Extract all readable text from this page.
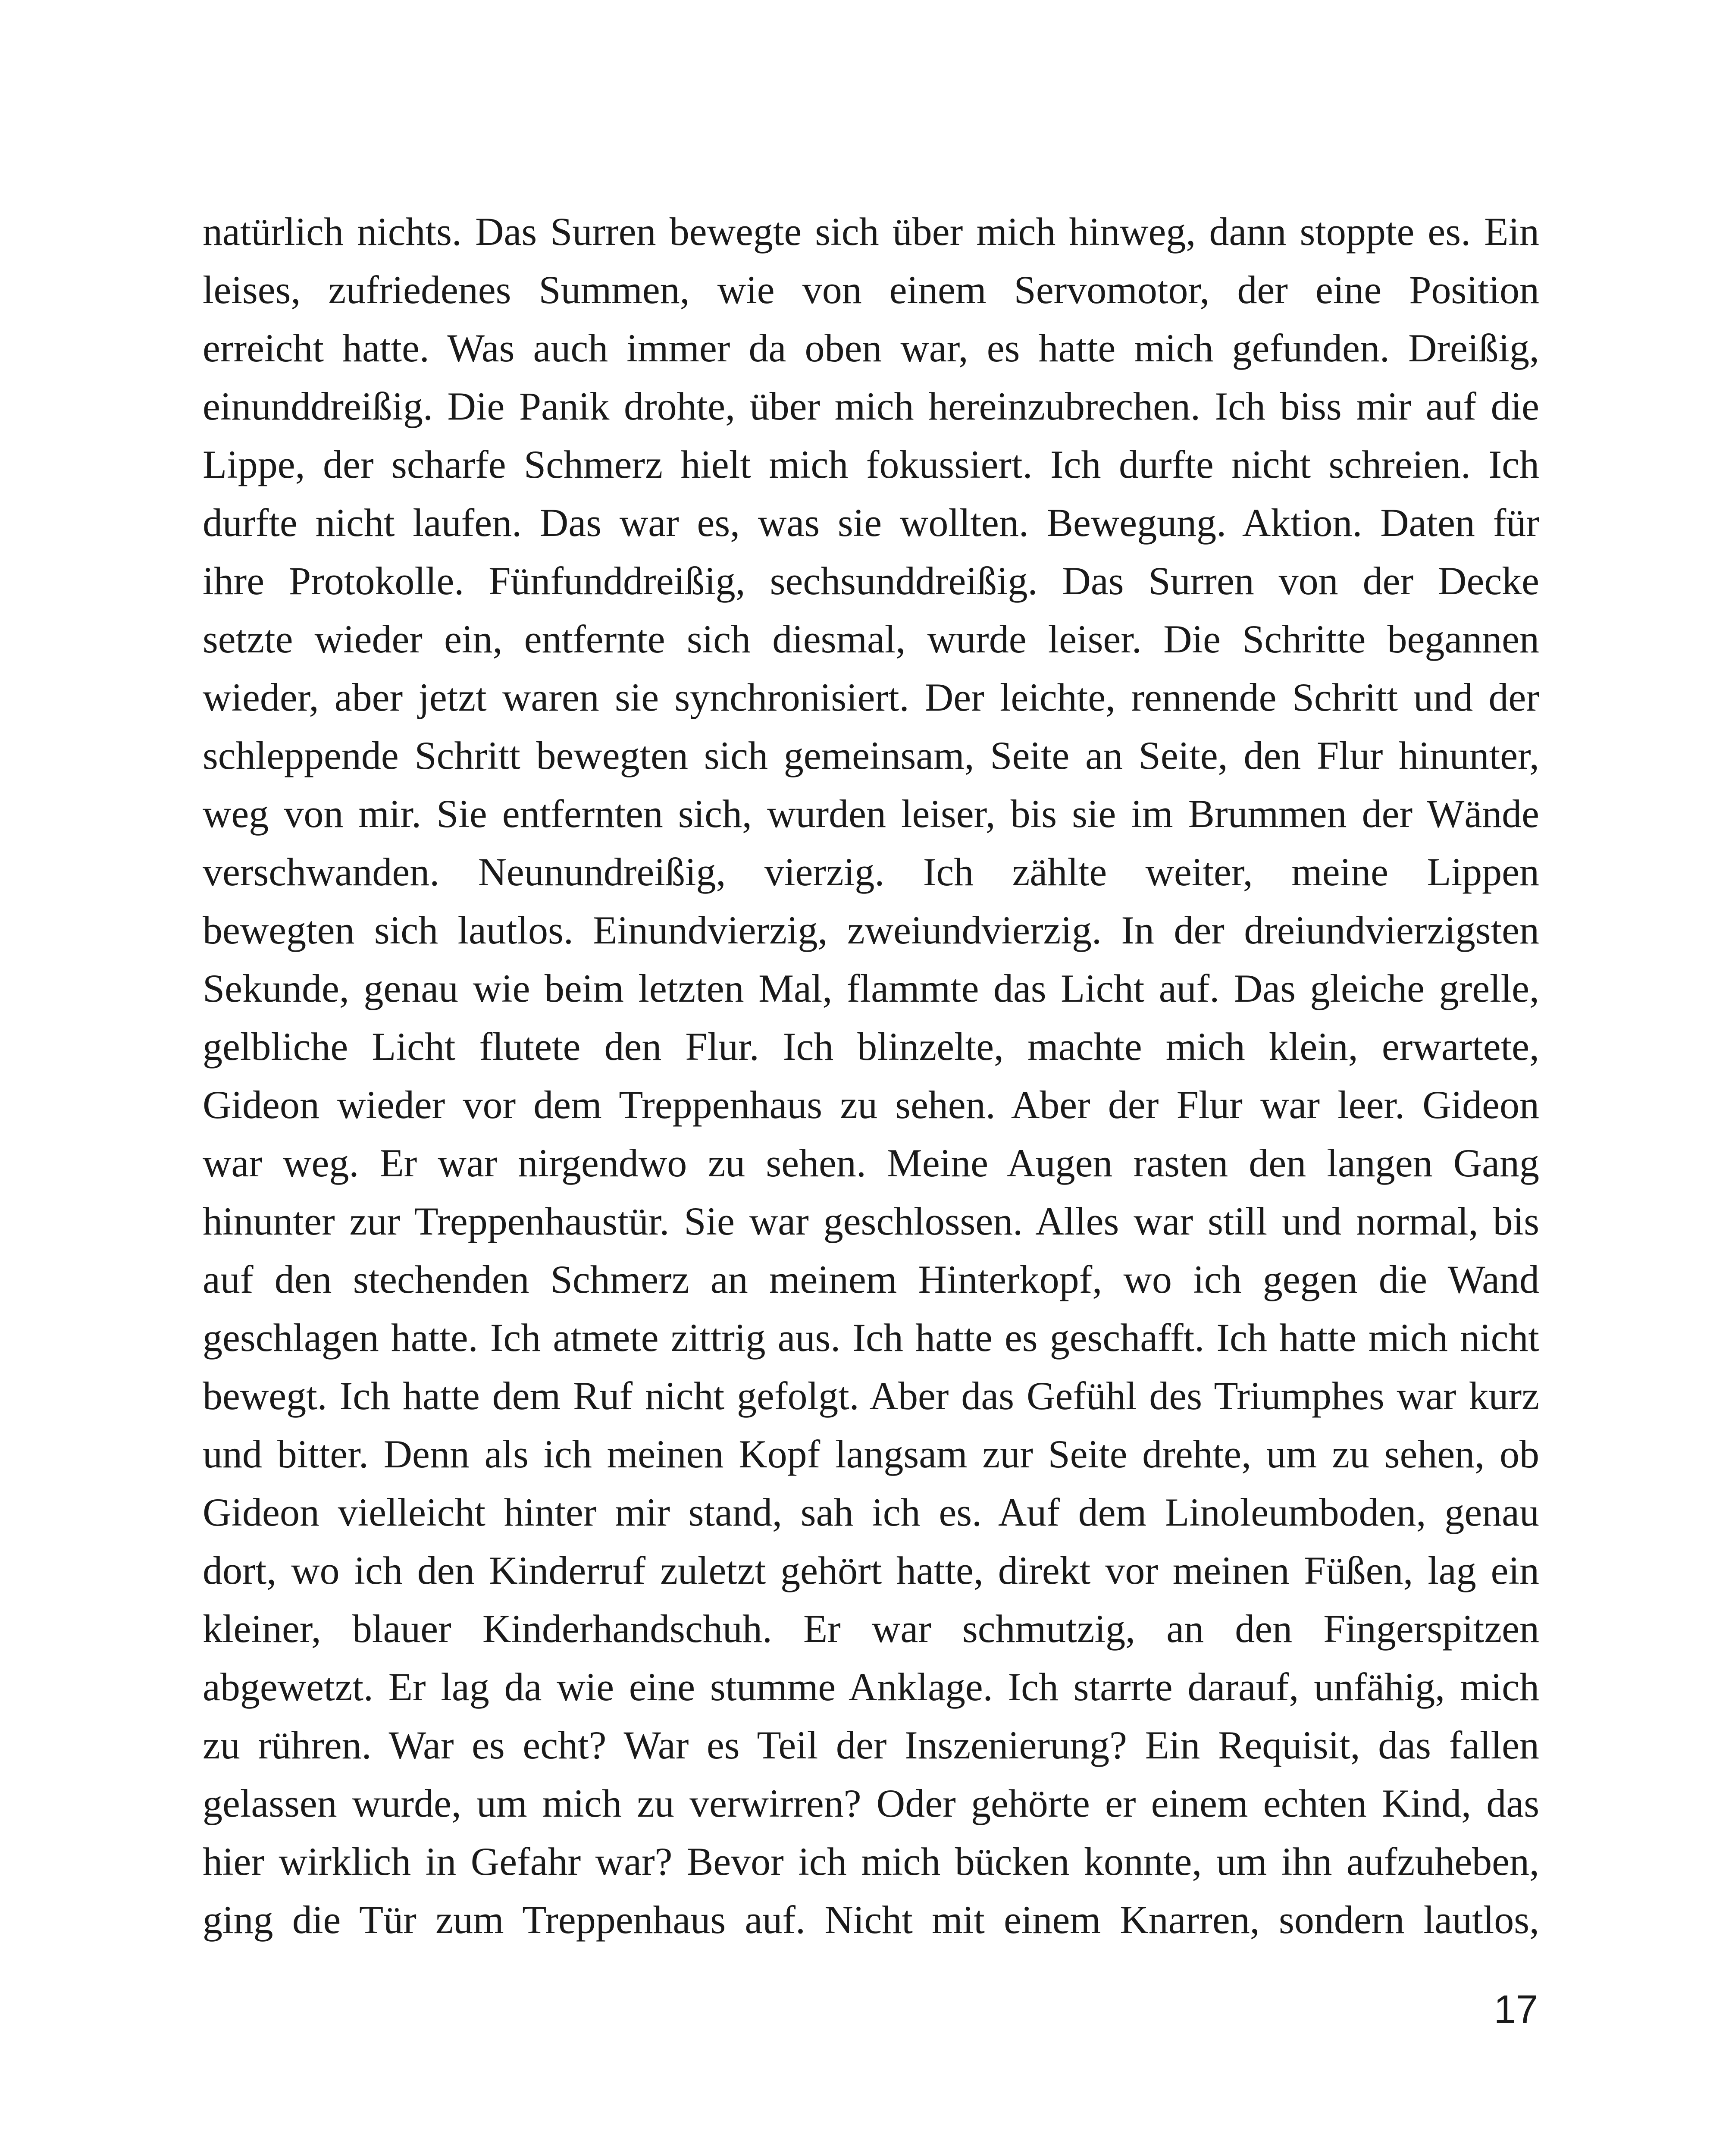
natürlich nichts. Das Surren bewegte sich über mich hinweg, dann stoppte es. Ein
leises, zufriedenes Summen, wie von einem Servomotor, der eine Position
erreicht hatte. Was auch immer da oben war, es hatte mich gefunden. Dreißig,
einunddreißig. Die Panik drohte, über mich hereinzubrechen. Ich biss mir auf die
Lippe, der scharfe Schmerz hielt mich fokussiert. Ich durfte nicht schreien. Ich
durfte nicht laufen. Das war es, was sie wollten. Bewegung. Aktion. Daten für
ihre Protokolle. Fünfunddreißig, sechsunddreißig. Das Surren von der Decke
setzte wieder ein, entfernte sich diesmal, wurde leiser. Die Schritte begannen
wieder, aber jetzt waren sie synchronisiert. Der leichte, rennende Schritt und der
schleppende Schritt bewegten sich gemeinsam, Seite an Seite, den Flur hinunter,
weg von mir. Sie entfernten sich, wurden leiser, bis sie im Brummen der Wände
verschwanden. Neunundreißig, vierzig. Ich zählte weiter, meine Lippen
bewegten sich lautlos. Einundvierzig, zweiundvierzig. In der dreiundvierzigsten
Sekunde, genau wie beim letzten Mal, flammte das Licht auf. Das gleiche grelle,
gelbliche Licht flutete den Flur. Ich blinzelte, machte mich klein, erwartete,
Gideon wieder vor dem Treppenhaus zu sehen. Aber der Flur war leer. Gideon
war weg. Er war nirgendwo zu sehen. Meine Augen rasten den langen Gang
hinunter zur Treppenhaustür. Sie war geschlossen. Alles war still und normal, bis
auf den stechenden Schmerz an meinem Hinterkopf, wo ich gegen die Wand
geschlagen hatte. Ich atmete zittrig aus. Ich hatte es geschafft. Ich hatte mich nicht
bewegt. Ich hatte dem Ruf nicht gefolgt. Aber das Gefühl des Triumphes war kurz
und bitter. Denn als ich meinen Kopf langsam zur Seite drehte, um zu sehen, ob
Gideon vielleicht hinter mir stand, sah ich es. Auf dem Linoleumboden, genau
dort, wo ich den Kinderruf zuletzt gehört hatte, direkt vor meinen Füßen, lag ein
kleiner, blauer Kinderhandschuh. Er war schmutzig, an den Fingerspitzen
abgewetzt. Er lag da wie eine stumme Anklage. Ich starrte darauf, unfähig, mich
zu rühren. War es echt? War es Teil der Inszenierung? Ein Requisit, das fallen
gelassen wurde, um mich zu verwirren? Oder gehörte er einem echten Kind, das
hier wirklich in Gefahr war? Bevor ich mich bücken konnte, um ihn aufzuheben,
ging die Tür zum Treppenhaus auf. Nicht mit einem Knarren, sondern lautlos,
17
